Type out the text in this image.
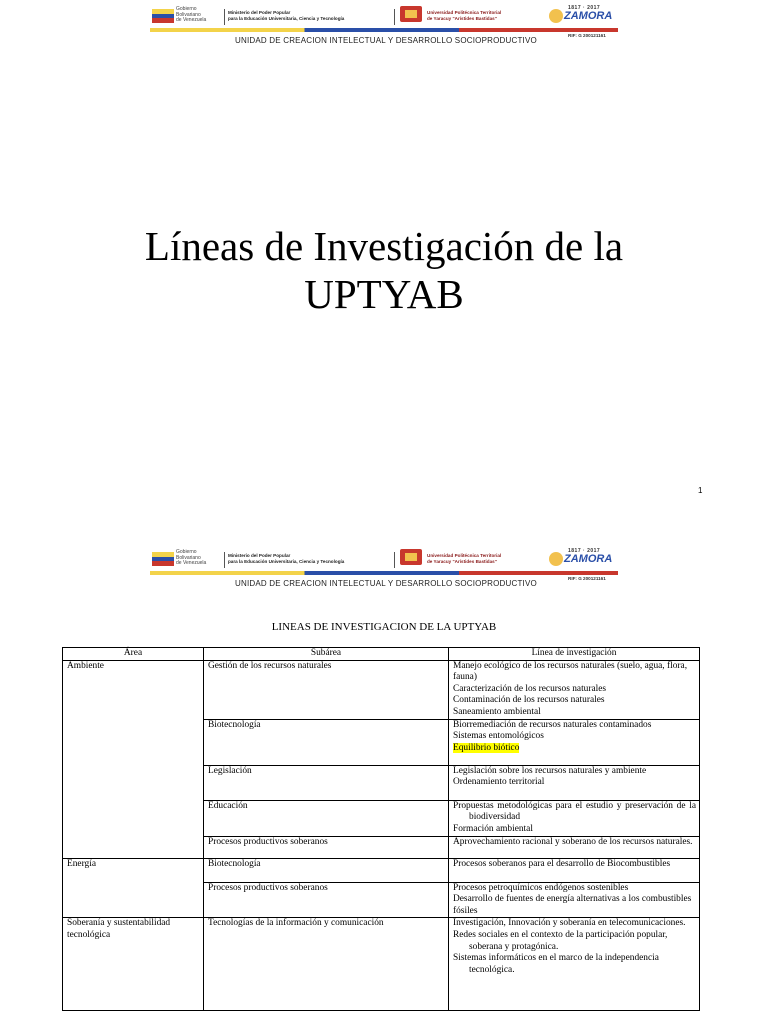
Gobierno
Bolivariano
de Venezuela
Ministerio del Poder Popular
para la Educación Universitaria, Ciencia y Tecnología
Universidad Politécnica Territorial
de Yaracuy "Arístides Bastidas"
1817 · 2017
ZAMORA
RIF: G 200121161
UNIDAD DE CREACION INTELECTUAL Y DESARROLLO SOCIOPRODUCTIVO
Líneas de Investigación de la
UPTYAB
1
Gobierno
Bolivariano
de Venezuela
Ministerio del Poder Popular
para la Educación Universitaria, Ciencia y Tecnología
Universidad Politécnica Territorial
de Yaracuy "Arístides Bastidas"
1817 · 2017
ZAMORA
RIF: G 200121161
UNIDAD DE CREACION INTELECTUAL Y DESARROLLO SOCIOPRODUCTIVO
LINEAS DE INVESTIGACION DE LA UPTYAB
Área	Subárea	Línea de investigación
Ambiente	Gestión de los recursos naturales	Manejo ecológico de los recursos naturales (suelo, agua, flora, fauna)
Caracterización de los recursos naturales
Contaminación de los recursos naturales
Saneamiento ambiental

	Biotecnología	Biorremediación de recursos naturales contaminados
Sistemas entomológicos
Equilibrio biótico

	Legislación	Legislación sobre los recursos naturales y ambiente
Ordenamiento territorial

	Educación	Propuestas metodológicas para el estudio y preservación de la biodiversidad
Formación ambiental

	Procesos productivos soberanos	Aprovechamiento racional y soberano de los recursos naturales.

Energía	Biotecnología	Procesos soberanos para el desarrollo de Biocombustibles

	Procesos productivos soberanos	Procesos petroquímicos endógenos sostenibles
Desarrollo de fuentes de energía alternativas a los combustibles fósiles

Soberanía y sustentabilidad tecnológica	Tecnologías de la información y comunicación	Investigación, Innovación y soberanía en telecomunicaciones.
Redes sociales en el contexto de la participación popular, soberana y protagónica.
Sistemas informáticos en el marco de la independencia tecnológica.
